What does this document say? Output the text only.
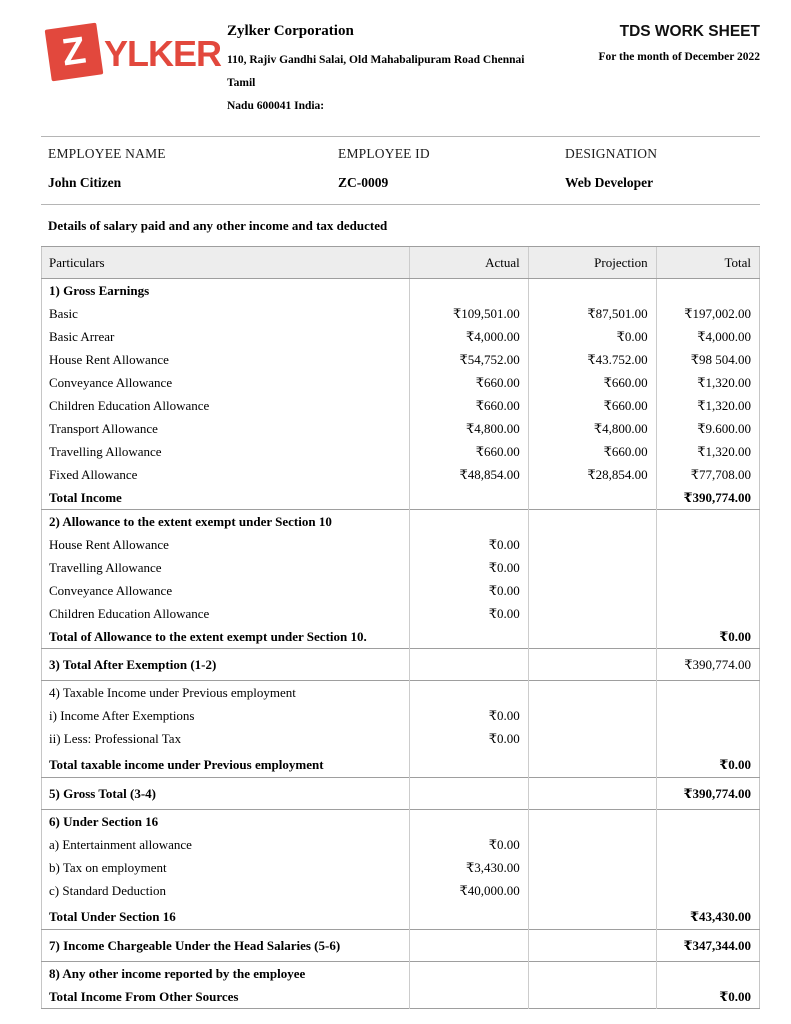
Z YLKER
Zylker Corporation
110, Rajiv Gandhi Salai, Old Mahabalipuram Road Chennai Tamil
Nadu 600041 India:
TDS WORK SHEET
For the month of December 2022
EMPLOYEE NAME
John Citizen
EMPLOYEE ID
ZC-0009
DESIGNATION
Web Developer
Details of salary paid and any other income and tax deducted
Particulars	Actual	Projection	Total
1) Gross Earnings			
Basic	₹109,501.00	₹87,501.00	₹197,002.00
Basic Arrear	₹4,000.00	₹0.00	₹4,000.00
House Rent Allowance	₹54,752.00	₹43.752.00	₹98 504.00
Conveyance Allowance	₹660.00	₹660.00	₹1,320.00
Children Education Allowance	₹660.00	₹660.00	₹1,320.00
Transport Allowance	₹4,800.00	₹4,800.00	₹9.600.00
Travelling Allowance	₹660.00	₹660.00	₹1,320.00
Fixed Allowance	₹48,854.00	₹28,854.00	₹77,708.00
Total Income			₹390,774.00
2) Allowance to the extent exempt under Section 10			
House Rent Allowance	₹0.00		
Travelling Allowance	₹0.00		
Conveyance Allowance	₹0.00		
Children Education Allowance	₹0.00		
Total of Allowance to the extent exempt under Section 10.			₹0.00
3) Total After Exemption (1-2)			₹390,774.00
4) Taxable Income under Previous employment			
i) Income After Exemptions	₹0.00		
ii) Less: Professional Tax	₹0.00		
Total taxable income under Previous employment			₹0.00
5) Gross Total (3-4)			₹390,774.00
6) Under Section 16			
a) Entertainment allowance	₹0.00		
b) Tax on employment	₹3,430.00		
c) Standard Deduction	₹40,000.00		
Total Under Section 16			₹43,430.00
7) Income Chargeable Under the Head Salaries (5-6)			₹347,344.00
8) Any other income reported by the employee			
Total Income From Other Sources			₹0.00
